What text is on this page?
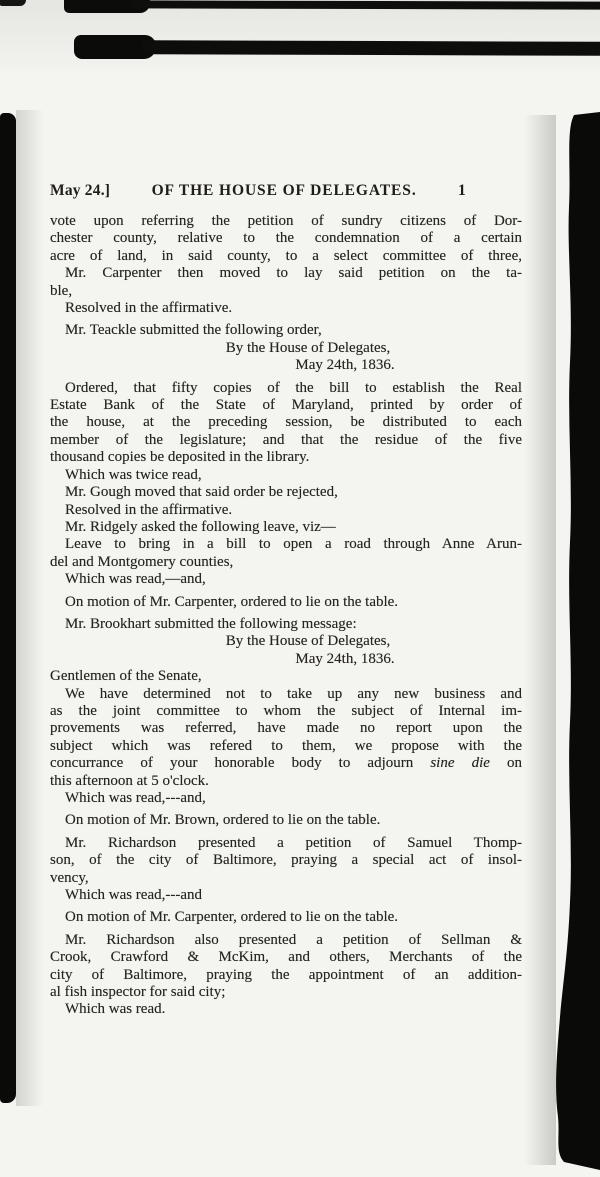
May 24.]	OF THE HOUSE OF DELEGATES.	1
vote upon referring the petition of sundry citizens of Dor-
chester county, relative to the condemnation of a certain
acre of land, in said county, to a select committee of three,
Mr. Carpenter then moved to lay said petition on the ta-
ble,
Resolved in the affirmative.
Mr. Teackle submitted the following order,
By the House of Delegates,
May 24th, 1836.
Ordered, that fifty copies of the bill to establish the Real
Estate Bank of the State of Maryland, printed by order of
the house, at the preceding session, be distributed to each
member of the legislature; and that the residue of the five
thousand copies be deposited in the library.
Which was twice read,
Mr. Gough moved that said order be rejected,
Resolved in the affirmative.
Mr. Ridgely asked the following leave, viz—
Leave to bring in a bill to open a road through Anne Arun-
del and Montgomery counties,
Which was read,—and,
On motion of Mr. Carpenter, ordered to lie on the table.
Mr. Brookhart submitted the following message:
By the House of Delegates,
May 24th, 1836.
Gentlemen of the Senate,
We have determined not to take up any new business and
as the joint committee to whom the subject of Internal im-
provements was referred, have made no report upon the
subject which was refered to them, we propose with the
concurrance of your honorable body to adjourn sine die on
this afternoon at 5 o'clock.
Which was read,---and,
On motion of Mr. Brown, ordered to lie on the table.
Mr. Richardson presented a petition of Samuel Thomp-
son, of the city of Baltimore, praying a special act of insol-
vency,
Which was read,---and
On motion of Mr. Carpenter, ordered to lie on the table.
Mr. Richardson also presented a petition of Sellman &
Crook, Crawford & McKim, and others, Merchants of the
city of Baltimore, praying the appointment of an addition-
al fish inspector for said city;
Which was read.
